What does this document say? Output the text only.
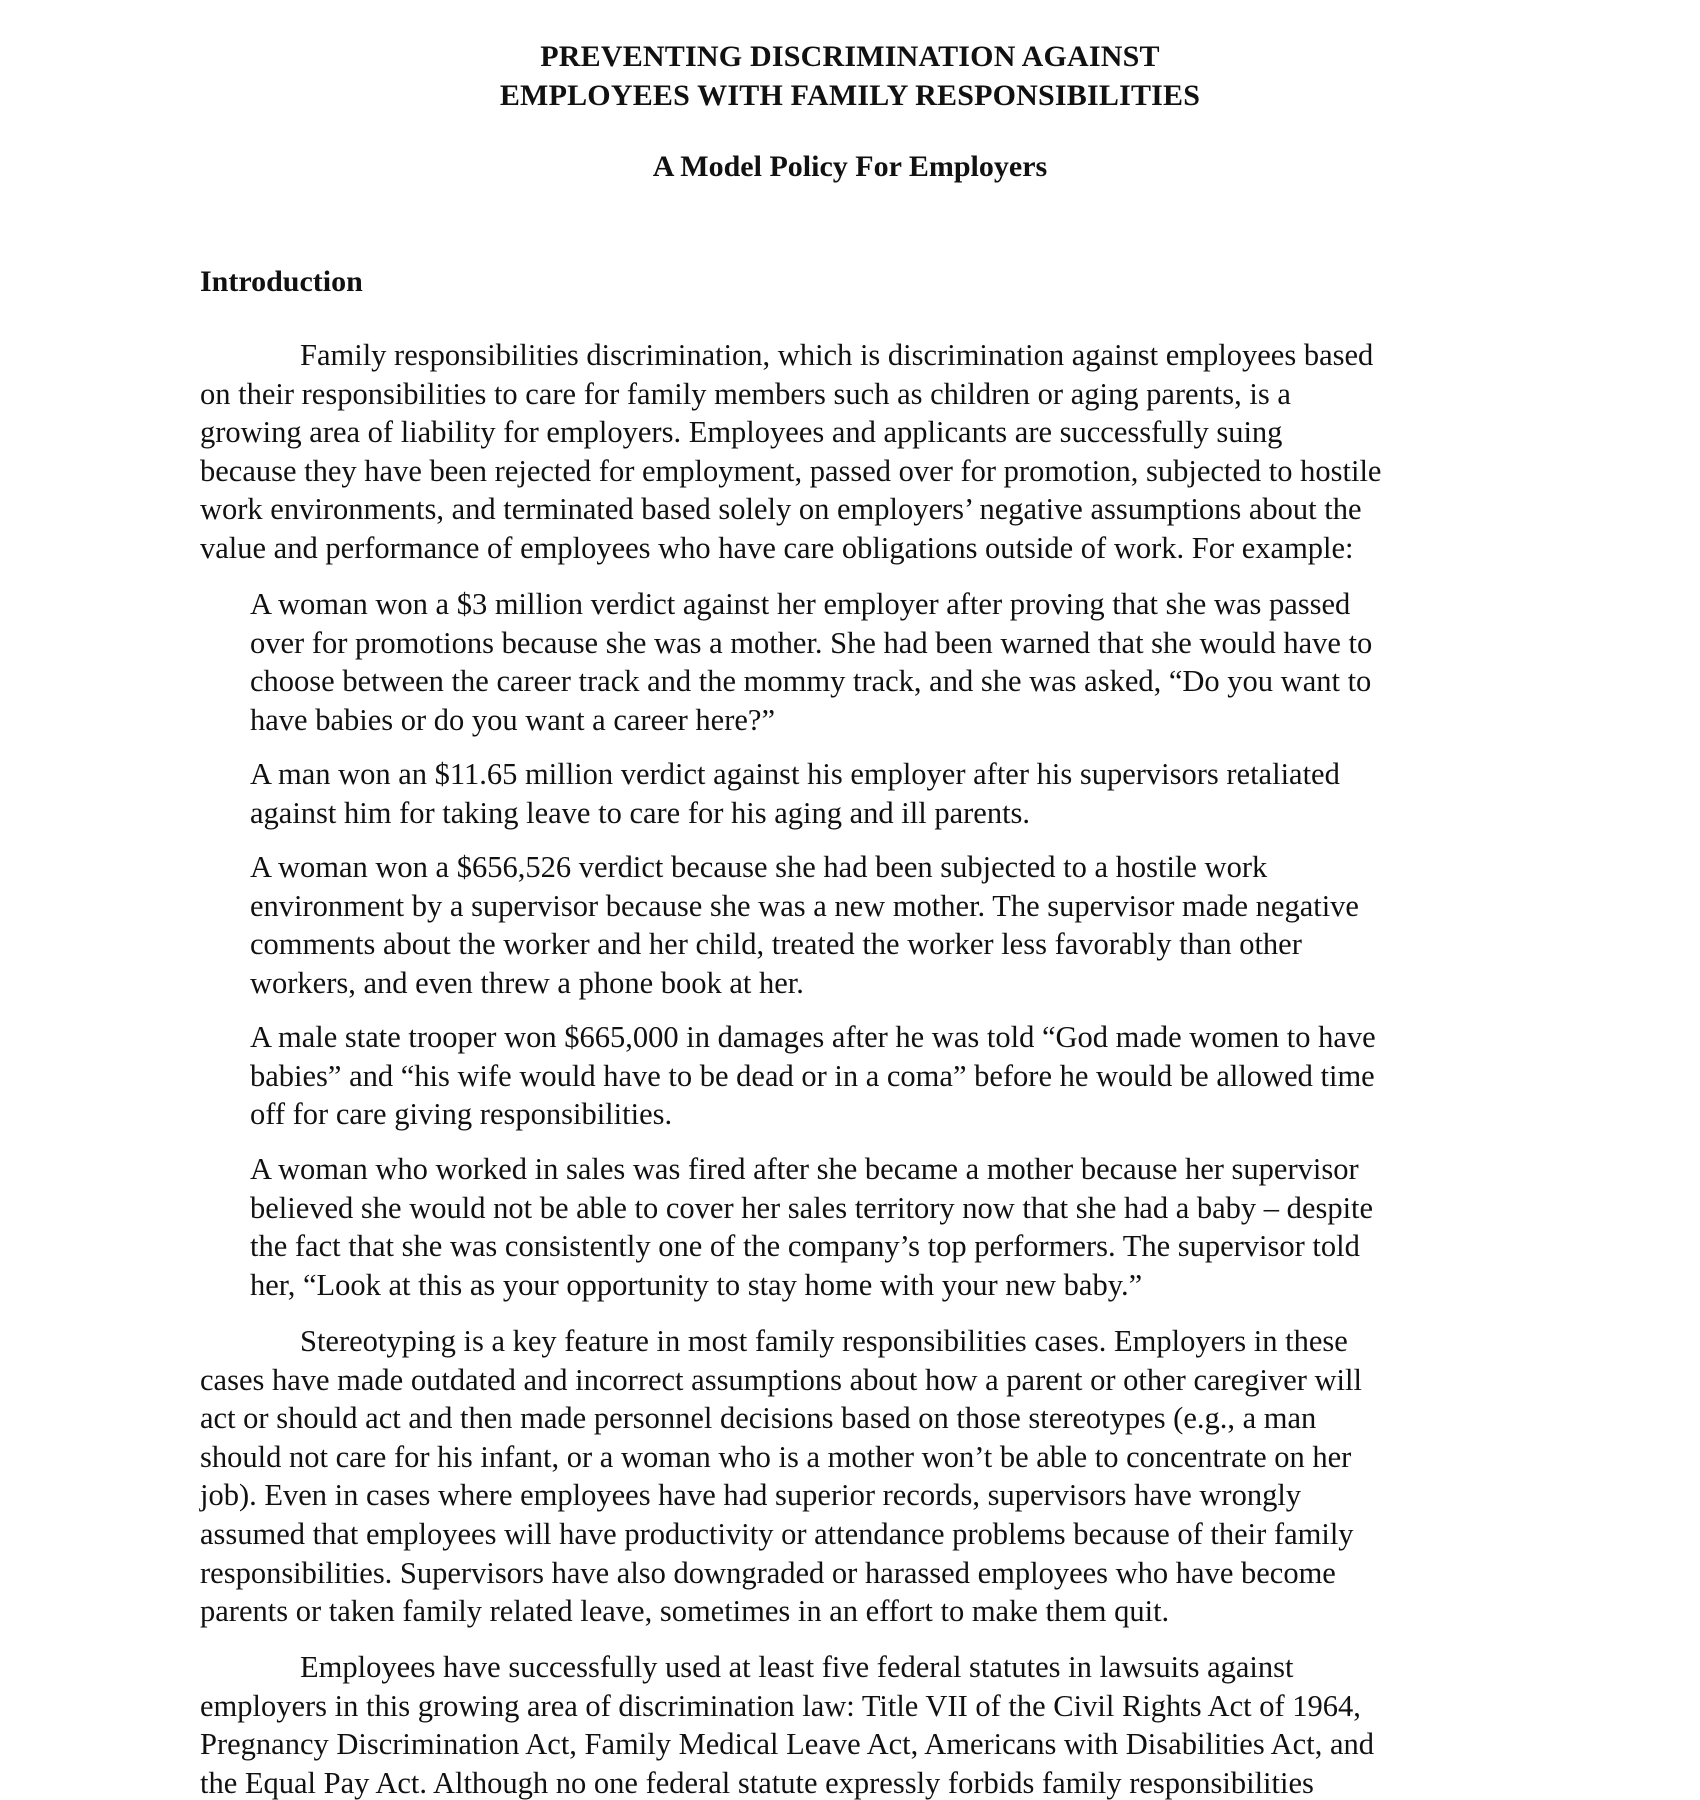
PREVENTING DISCRIMINATION AGAINST
EMPLOYEES WITH FAMILY RESPONSIBILITIES
A Model Policy For Employers
Introduction
Family responsibilities discrimination, which is discrimination against employees based
on their responsibilities to care for family members such as children or aging parents, is a
growing area of liability for employers. Employees and applicants are successfully suing
because they have been rejected for employment, passed over for promotion, subjected to hostile
work environments, and terminated based solely on employers’ negative assumptions about the
value and performance of employees who have care obligations outside of work. For example:
A woman won a $3 million verdict against her employer after proving that she was passed
over for promotions because she was a mother. She had been warned that she would have to
choose between the career track and the mommy track, and she was asked, “Do you want to
have babies or do you want a career here?”
A man won an $11.65 million verdict against his employer after his supervisors retaliated
against him for taking leave to care for his aging and ill parents.
A woman won a $656,526 verdict because she had been subjected to a hostile work
environment by a supervisor because she was a new mother. The supervisor made negative
comments about the worker and her child, treated the worker less favorably than other
workers, and even threw a phone book at her.
A male state trooper won $665,000 in damages after he was told “God made women to have
babies” and “his wife would have to be dead or in a coma” before he would be allowed time
off for care giving responsibilities.
A woman who worked in sales was fired after she became a mother because her supervisor
believed she would not be able to cover her sales territory now that she had a baby – despite
the fact that she was consistently one of the company’s top performers. The supervisor told
her, “Look at this as your opportunity to stay home with your new baby.”
Stereotyping is a key feature in most family responsibilities cases. Employers in these
cases have made outdated and incorrect assumptions about how a parent or other caregiver will
act or should act and then made personnel decisions based on those stereotypes (e.g., a man
should not care for his infant, or a woman who is a mother won’t be able to concentrate on her
job). Even in cases where employees have had superior records, supervisors have wrongly
assumed that employees will have productivity or attendance problems because of their family
responsibilities. Supervisors have also downgraded or harassed employees who have become
parents or taken family related leave, sometimes in an effort to make them quit.
Employees have successfully used at least five federal statutes in lawsuits against
employers in this growing area of discrimination law: Title VII of the Civil Rights Act of 1964,
Pregnancy Discrimination Act, Family Medical Leave Act, Americans with Disabilities Act, and
the Equal Pay Act. Although no one federal statute expressly forbids family responsibilities
